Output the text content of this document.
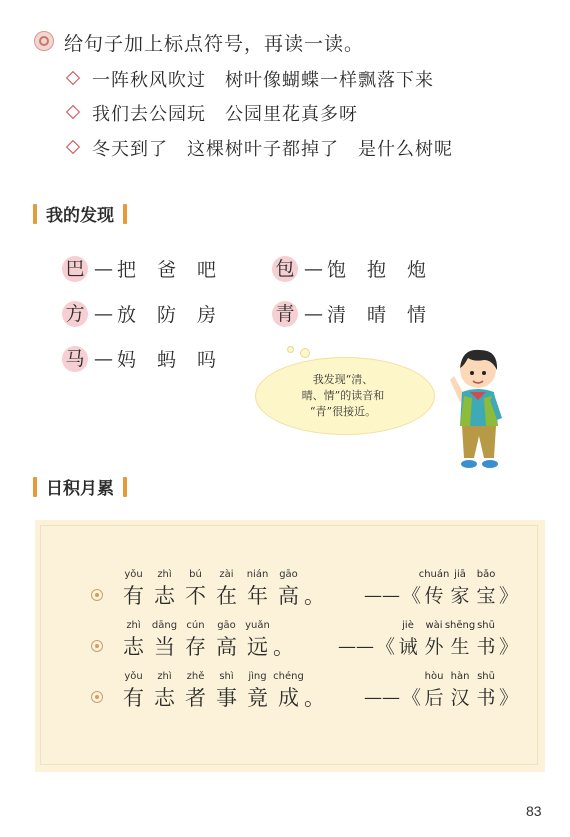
给句子加上标点符号，再读一读。
一阵秋风吹过　树叶像蝴蝶一样飘落下来
我们去公园玩　公园里花真多呀
冬天到了　这棵树叶子都掉了　是什么树呢
我的发现
巴 — 把 爸 吧	包 — 饱 抱 炮
方 — 放 防 房	青 — 清 晴 情
马 — 妈 蚂 吗
我发现“清、
晴、情”的读音和
“青”很接近。
日积月累
yǒu
有
zhì
志
bú
不
zài
在
nián
年
gāo
高 。 —— 《
chuán
传
jiā
家
bǎo
宝 》
zhì
志
dāng
当
cún
存
gāo
高
yuǎn
远 。 —— 《
jiè
诫
wài
外
shēng
生
shū
书 》
yǒu
有
zhì
志
zhě
者
shì
事
jìng
竟
chéng
成 。 —— 《
hòu
后
hàn
汉
shū
书 》
83
